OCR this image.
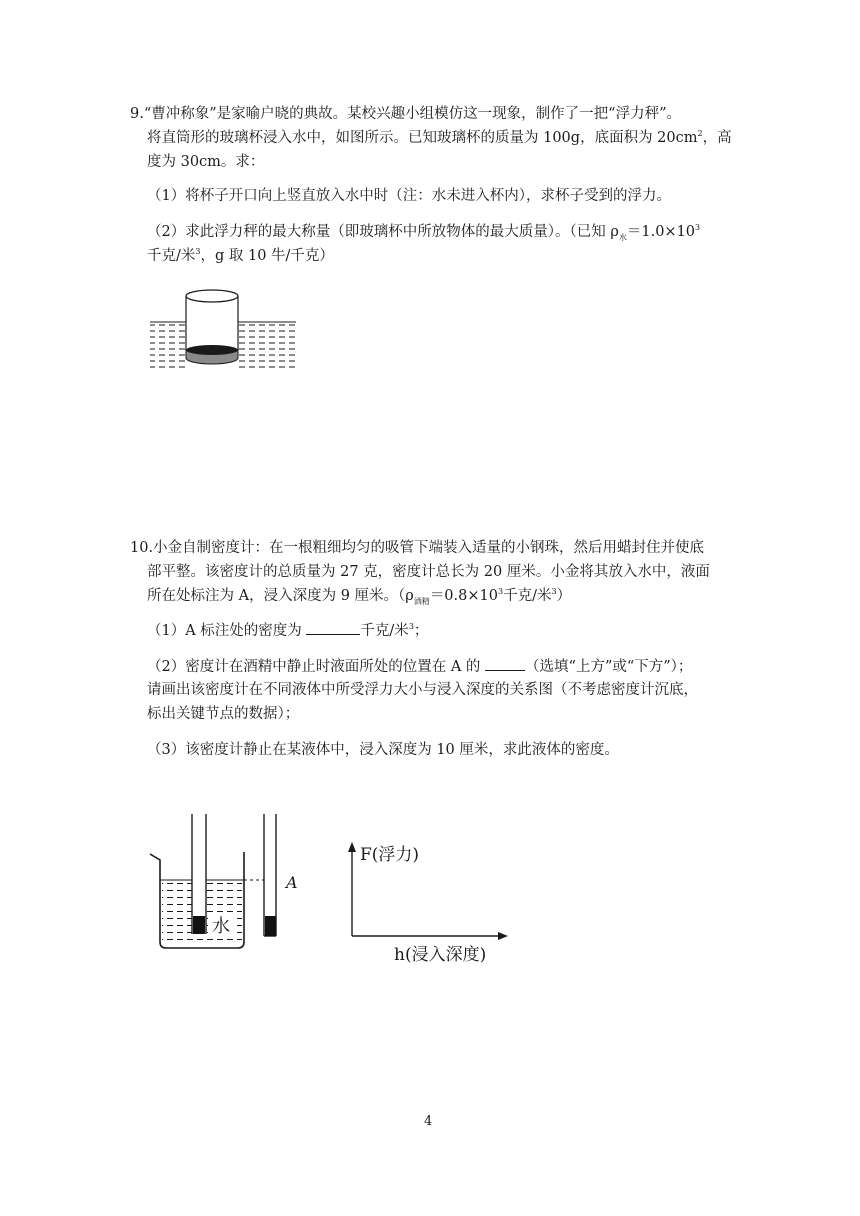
9.“曹冲称象”是家喻户晓的典故。某校兴趣小组模仿这一现象，制作了一把“浮力秤”。
将直筒形的玻璃杯浸入水中，如图所示。已知玻璃杯的质量为 100g，底面积为 $20cm^2$，高
度为 30cm。求：
（1）将杯子开口向上竖直放入水中时（注：水未进入杯内），求杯子受到的浮力。
（2）求此浮力秤的最大称量（即玻璃杯中所放物体的最大质量）。（已知 $\rho_水=1.0\times 10^3$
千克/米$^3$，g 取 10 牛/千克）
10.小金自制密度计：在一根粗细均匀的吸管下端装入适量的小钢珠，然后用蜡封住并使底
部平整。该密度计的总质量为 27 克，密度计总长为 20 厘米。小金将其放入水中，液面
所在处标注为 A，浸入深度为 9 厘米。（$\rho_{酒精}=0.8\times 10^3$千克/米$^3$）
（1）A 标注处的密度为	千克/米$^3$；
（2）密度计在酒精中静止时液面所处的位置在 A 的	（选填“上方”或“下方”）；
请画出该密度计在不同液体中所受浮力大小与浸入深度的关系图（不考虑密度计沉底，
标出关键节点的数据）；
（3）该密度计静止在某液体中，浸入深度为 10 厘米，求此液体的密度。
水
A
F(浮力)
h(浸入深度)
4
